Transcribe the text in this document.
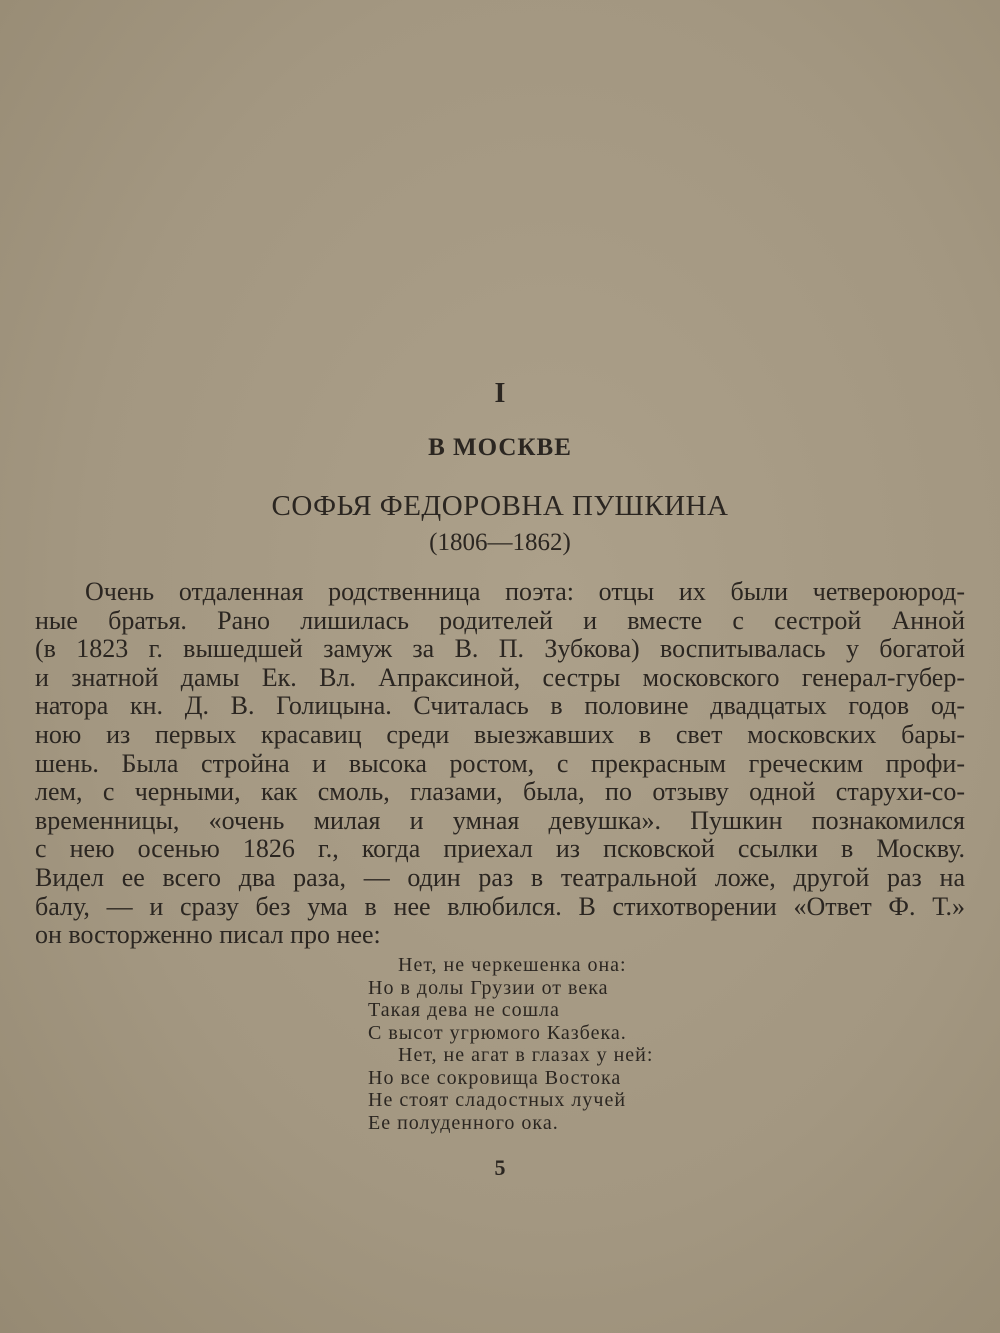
I
В МОСКВЕ
СОФЬЯ ФЕДОРОВНА ПУШКИНА
(1806—1862)
Очень отдаленная родственница поэта: отцы их были четвероюрод-
ные братья. Рано лишилась родителей и вместе с сестрой Анной
(в 1823 г. вышедшей замуж за В. П. Зубкова) воспитывалась у богатой
и знатной дамы Ек. Вл. Апраксиной, сестры московского генерал-губер-
натора кн. Д. В. Голицына. Считалась в половине двадцатых годов од-
ною из первых красавиц среди выезжавших в свет московских бары-
шень. Была стройна и высока ростом, с прекрасным греческим профи-
лем, с черными, как смоль, глазами, была, по отзыву одной старухи-со-
временницы, «очень милая и умная девушка». Пушкин познакомился
с нею осенью 1826 г., когда приехал из псковской ссылки в Москву.
Видел ее всего два раза, — один раз в театральной ложе, другой раз на
балу, — и сразу без ума в нее влюбился. В стихотворении «Ответ Ф. Т.»
он восторженно писал про нее:
Нет, не черкешенка она:
Но в долы Грузии от века
Такая дева не сошла
С высот угрюмого Казбека.
Нет, не агат в глазах у ней:
Но все сокровища Востока
Не стоят сладостных лучей
Ее полуденного ока.
5
